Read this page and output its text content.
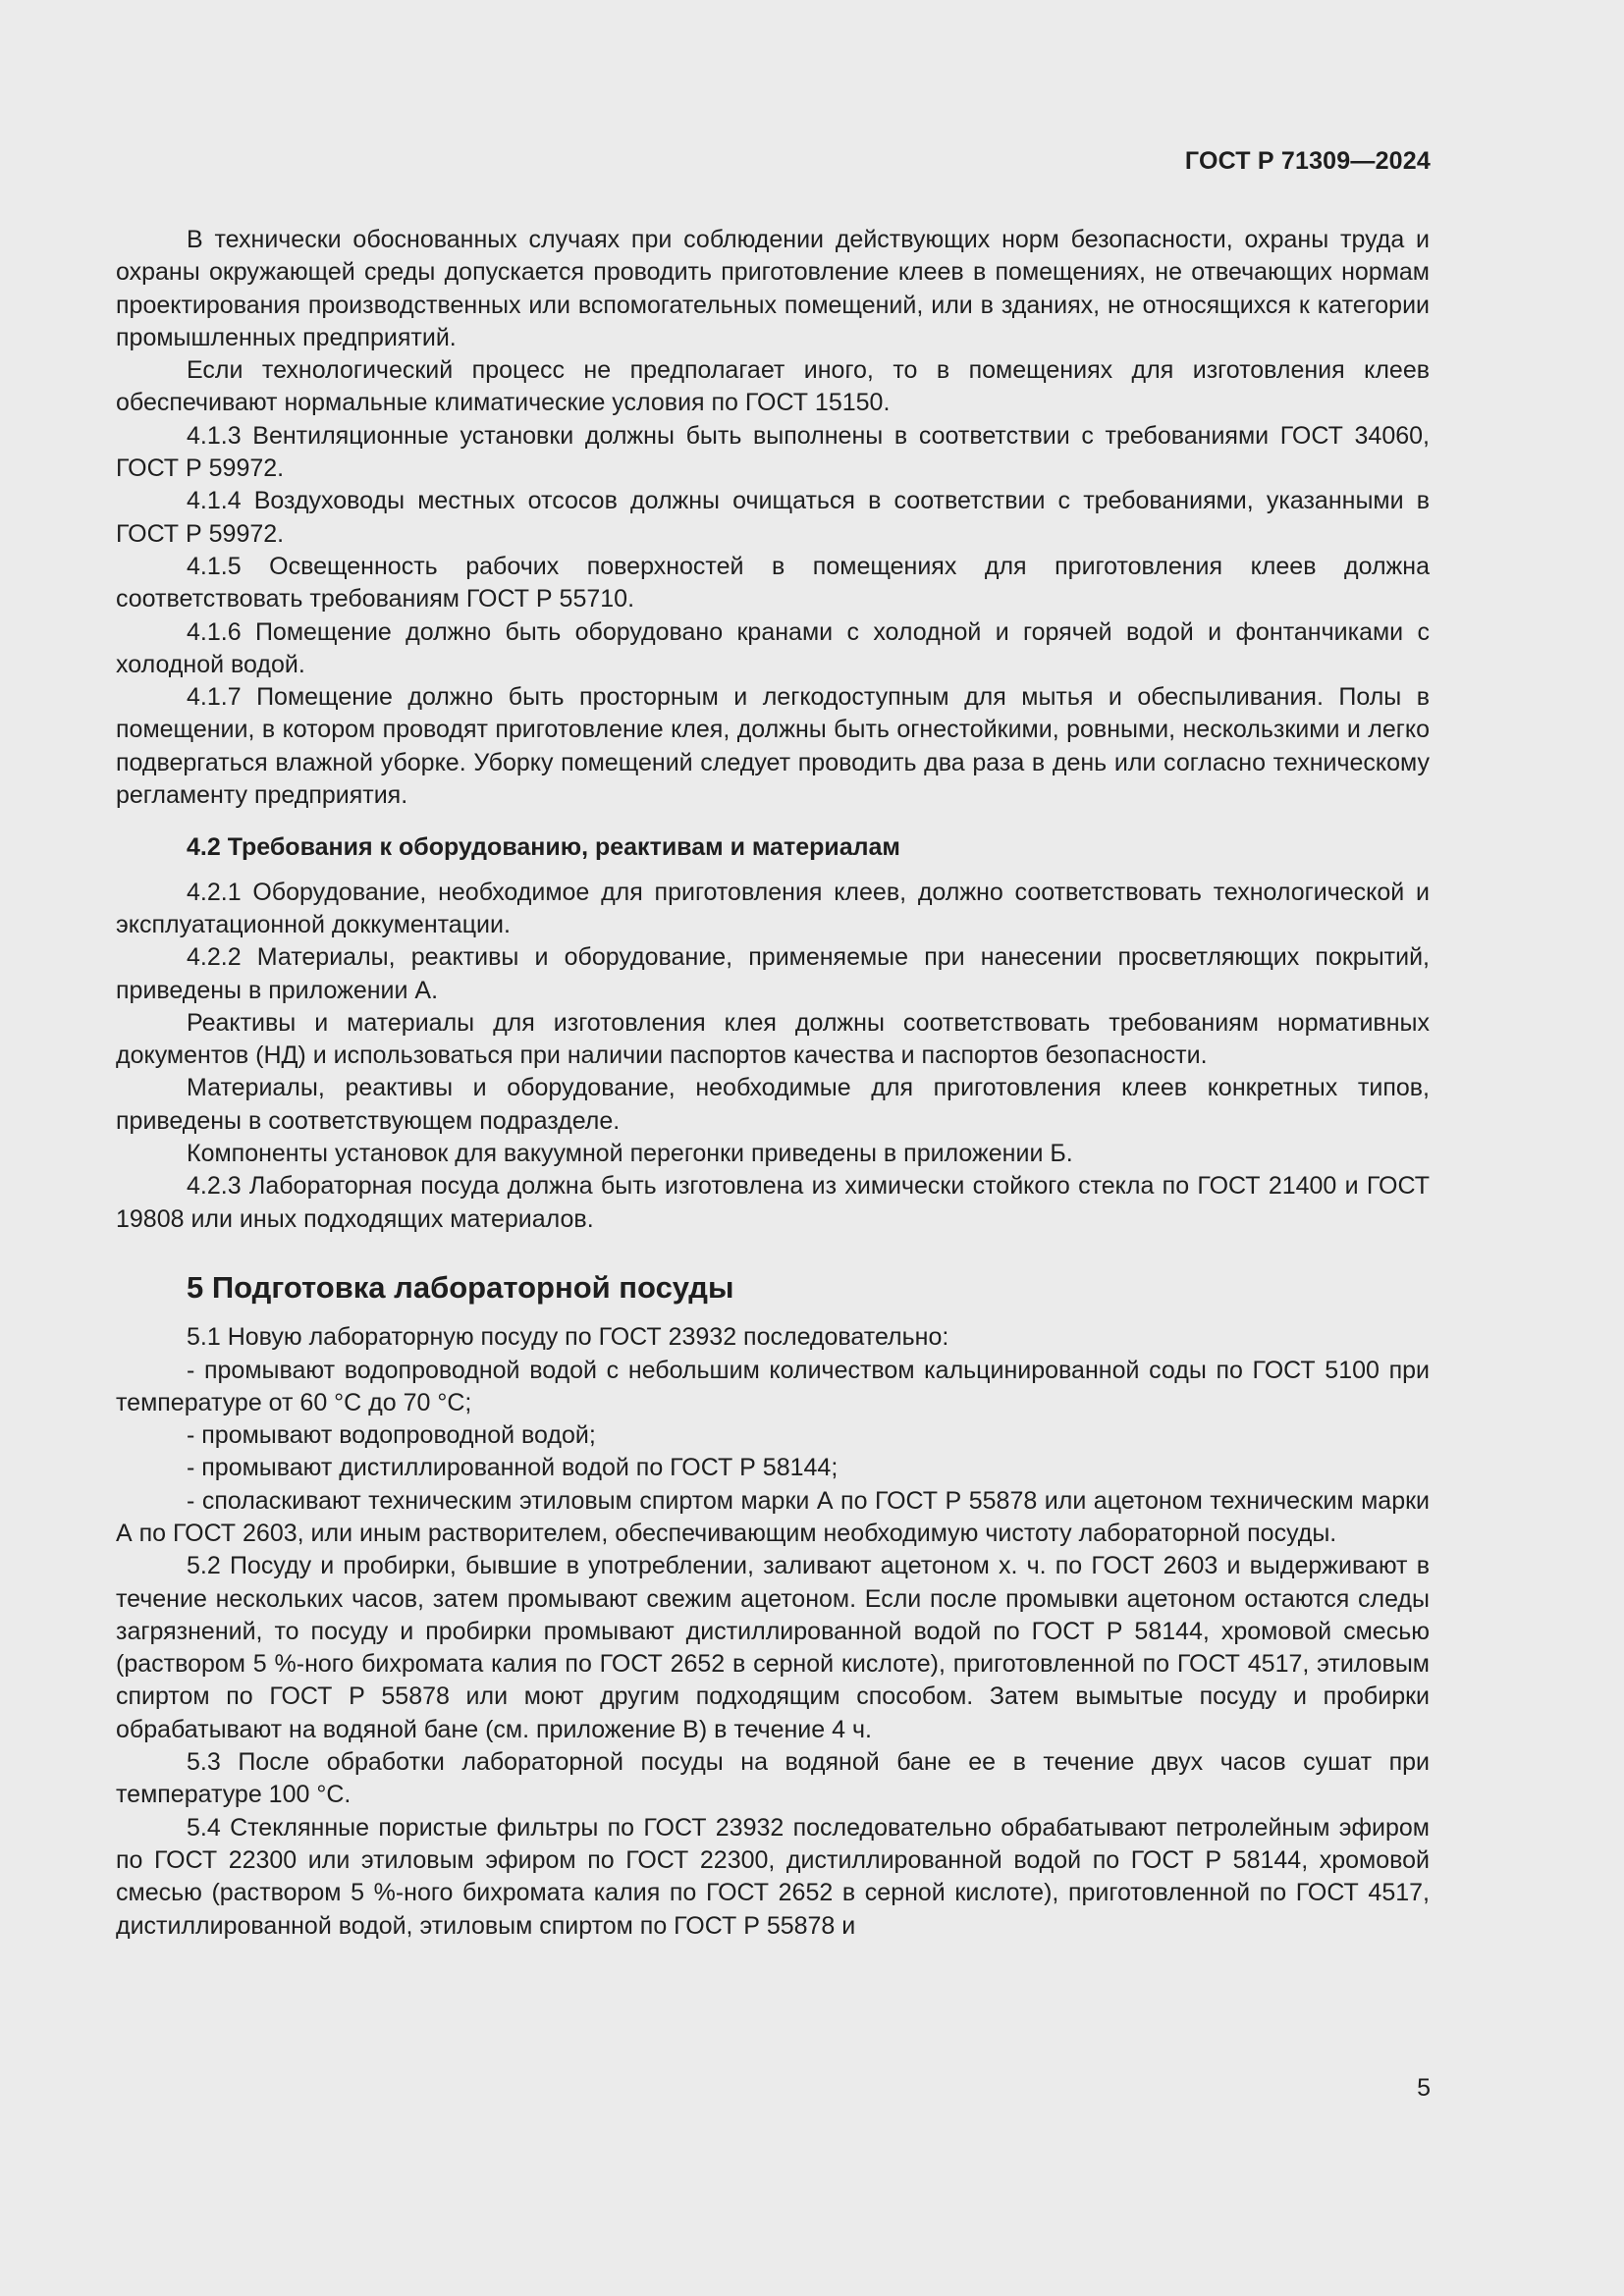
ГОСТ Р 71309—2024

В технически обоснованных случаях при соблюдении действующих норм безопасности, охраны труда и охраны окружающей среды допускается проводить приготовление клеев в помещениях, не отвечающих нормам проектирования производственных или вспомогательных помещений, или в зданиях, не относящихся к категории промышленных предприятий.

Если технологический процесс не предполагает иного, то в помещениях для изготовления клеев обеспечивают нормальные климатические условия по ГОСТ 15150.

4.1.3 Вентиляционные установки должны быть выполнены в соответствии с требованиями ГОСТ 34060, ГОСТ Р 59972.

4.1.4 Воздуховоды местных отсосов должны очищаться в соответствии с требованиями, указанными в ГОСТ Р 59972.

4.1.5 Освещенность рабочих поверхностей в помещениях для приготовления клеев должна соответствовать требованиям ГОСТ Р 55710.

4.1.6 Помещение должно быть оборудовано кранами с холодной и горячей водой и фонтанчиками с холодной водой.

4.1.7 Помещение должно быть просторным и легкодоступным для мытья и обеспыливания. Полы в помещении, в котором проводят приготовление клея, должны быть огнестойкими, ровными, нескользкими и легко подвергаться влажной уборке. Уборку помещений следует проводить два раза в день или согласно техническому регламенту предприятия.

4.2 Требования к оборудованию, реактивам и материалам

4.2.1 Оборудование, необходимое для приготовления клеев, должно соответствовать технологической и эксплуатационной доккументации.

4.2.2 Материалы, реактивы и оборудование, применяемые при нанесении просветляющих покрытий, приведены в приложении А.

Реактивы и материалы для изготовления клея должны соответствовать требованиям нормативных документов (НД) и использоваться при наличии паспортов качества и паспортов безопасности.

Материалы, реактивы и оборудование, необходимые для приготовления клеев конкретных типов, приведены в соответствующем подразделе.

Компоненты установок для вакуумной перегонки приведены в приложении Б.

4.2.3 Лабораторная посуда должна быть изготовлена из химически стойкого стекла по ГОСТ 21400 и ГОСТ 19808 или иных подходящих материалов.

5 Подготовка лабораторной посуды

5.1 Новую лабораторную посуду по ГОСТ 23932 последовательно:

- промывают водопроводной водой с небольшим количеством кальцинированной соды по ГОСТ 5100 при температуре от 60 °С до 70 °С;

- промывают водопроводной водой;

- промывают дистиллированной водой по ГОСТ Р 58144;

- споласкивают техническим этиловым спиртом марки А по ГОСТ Р 55878 или ацетоном техническим марки А по ГОСТ 2603, или иным растворителем, обеспечивающим необходимую чистоту лабораторной посуды.

5.2 Посуду и пробирки, бывшие в употреблении, заливают ацетоном х. ч. по ГОСТ 2603 и выдерживают в течение нескольких часов, затем промывают свежим ацетоном. Если после промывки ацетоном остаются следы загрязнений, то посуду и пробирки промывают дистиллированной водой по ГОСТ Р 58144, хромовой смесью (раствором 5 %-ного бихромата калия по ГОСТ 2652 в серной кислоте), приготовленной по ГОСТ 4517, этиловым спиртом по ГОСТ Р 55878 или моют другим подходящим способом. Затем вымытые посуду и пробирки обрабатывают на водяной бане (см. приложение В) в течение 4 ч.

5.3 После обработки лабораторной посуды на водяной бане ее в течение двух часов сушат при температуре 100 °С.

5.4 Стеклянные пористые фильтры по ГОСТ 23932 последовательно обрабатывают петролейным эфиром по ГОСТ 22300 или этиловым эфиром по ГОСТ 22300, дистиллированной водой по ГОСТ Р 58144, хромовой смесью (раствором 5 %-ного бихромата калия по ГОСТ 2652 в серной кислоте), приготовленной по ГОСТ 4517, дистиллированной водой, этиловым спиртом по ГОСТ Р 55878 и

5
